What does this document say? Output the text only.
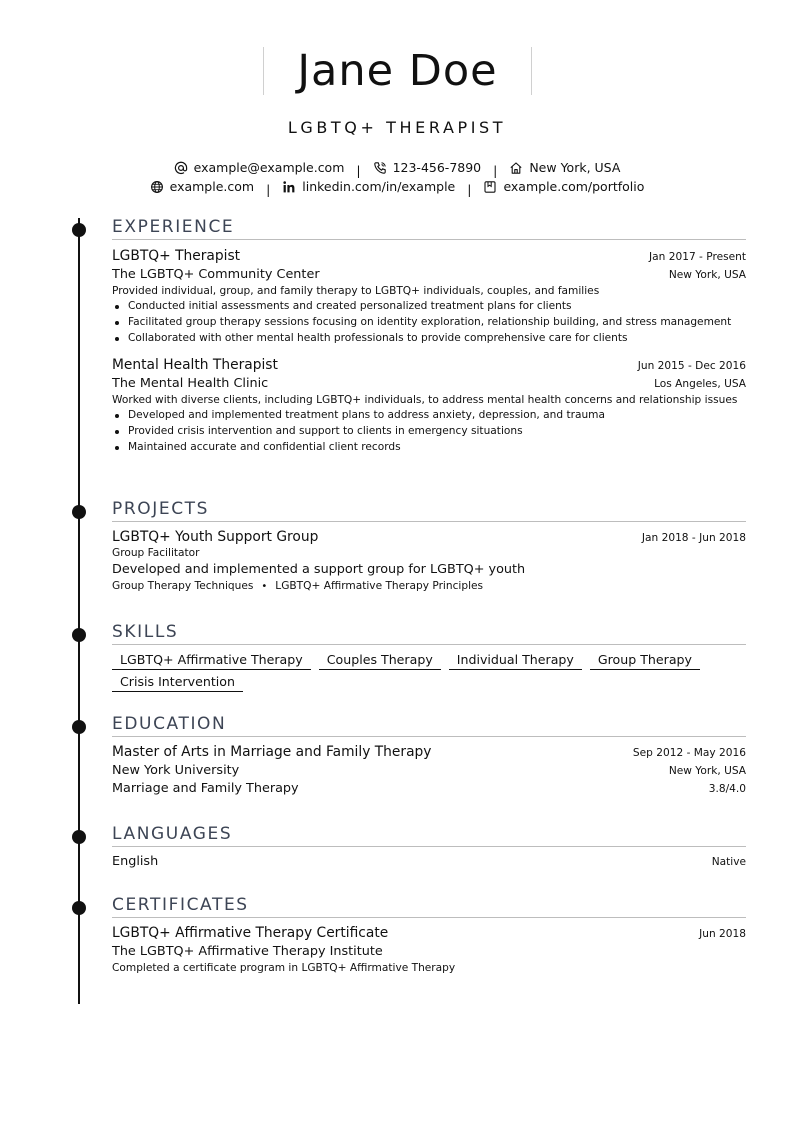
Jane Doe
LGBTQ+ THERAPIST
example@example.com |	123-456-7890 |	New York, USA
example.com |	linkedin.com/in/example |	example.com/portfolio
EXPERIENCE
LGBTQ+ Therapist	Jan 2017 - Present
The LGBTQ+ Community Center	New York, USA
Provided individual, group, and family therapy to LGBTQ+ individuals, couples, and families
Conducted initial assessments and created personalized treatment plans for clients
Facilitated group therapy sessions focusing on identity exploration, relationship building, and stress management
Collaborated with other mental health professionals to provide comprehensive care for clients
Mental Health Therapist	Jun 2015 - Dec 2016
The Mental Health Clinic	Los Angeles, USA
Worked with diverse clients, including LGBTQ+ individuals, to address mental health concerns and relationship issues
Developed and implemented treatment plans to address anxiety, depression, and trauma
Provided crisis intervention and support to clients in emergency situations
Maintained accurate and confidential client records
PROJECTS
LGBTQ+ Youth Support Group	Jan 2018 - Jun 2018
Group Facilitator
Developed and implemented a support group for LGBTQ+ youth
Group Therapy Techniques • LGBTQ+ Affirmative Therapy Principles
SKILLS
LGBTQ+ Affirmative Therapy	Couples Therapy	Individual Therapy	Group Therapy
Crisis Intervention
EDUCATION
Master of Arts in Marriage and Family Therapy	Sep 2012 - May 2016
New York University	New York, USA
Marriage and Family Therapy	3.8/4.0
LANGUAGES
English	Native
CERTIFICATES
LGBTQ+ Affirmative Therapy Certificate	Jun 2018
The LGBTQ+ Affirmative Therapy Institute
Completed a certificate program in LGBTQ+ Affirmative Therapy
